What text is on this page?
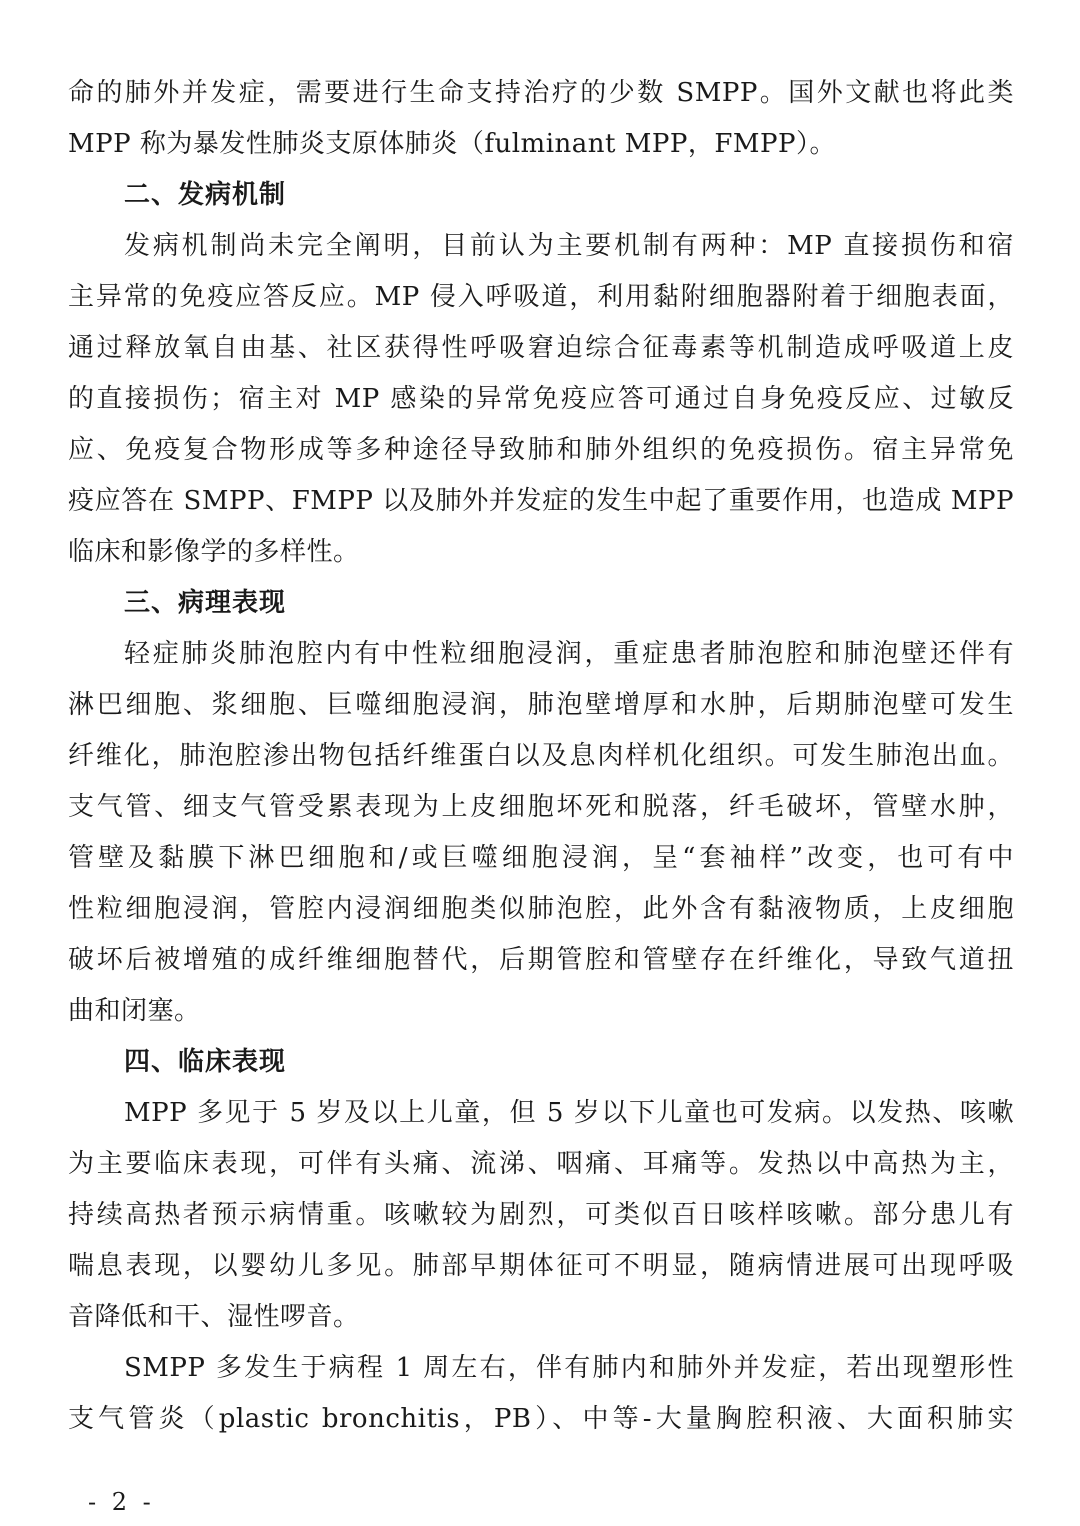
命的肺外并发症，需要进行生命支持治疗的少数 SMPP。国外文献也将此类
MPP 称为暴发性肺炎支原体肺炎（fulminant MPP，FMPP）。
二、发病机制
发病机制尚未完全阐明，目前认为主要机制有两种：MP 直接损伤和宿
主异常的免疫应答反应。MP 侵入呼吸道，利用黏附细胞器附着于细胞表面，
通过释放氧自由基、社区获得性呼吸窘迫综合征毒素等机制造成呼吸道上皮
的直接损伤；宿主对 MP 感染的异常免疫应答可通过自身免疫反应、过敏反
应、免疫复合物形成等多种途径导致肺和肺外组织的免疫损伤。宿主异常免
疫应答在 SMPP、FMPP 以及肺外并发症的发生中起了重要作用，也造成 MPP
临床和影像学的多样性。
三、病理表现
轻症肺炎肺泡腔内有中性粒细胞浸润，重症患者肺泡腔和肺泡壁还伴有
淋巴细胞、浆细胞、巨噬细胞浸润，肺泡壁增厚和水肿，后期肺泡壁可发生
纤维化，肺泡腔渗出物包括纤维蛋白以及息肉样机化组织。可发生肺泡出血。
支气管、细支气管受累表现为上皮细胞坏死和脱落，纤毛破坏，管壁水肿，
管壁及黏膜下淋巴细胞和/或巨噬细胞浸润，呈“套袖样”改变，也可有中
性粒细胞浸润，管腔内浸润细胞类似肺泡腔，此外含有黏液物质，上皮细胞
破坏后被增殖的成纤维细胞替代，后期管腔和管壁存在纤维化，导致气道扭
曲和闭塞。
四、临床表现
MPP 多见于 5 岁及以上儿童，但 5 岁以下儿童也可发病。以发热、咳嗽
为主要临床表现，可伴有头痛、流涕、咽痛、耳痛等。发热以中高热为主，
持续高热者预示病情重。咳嗽较为剧烈，可类似百日咳样咳嗽。部分患儿有
喘息表现，以婴幼儿多见。肺部早期体征可不明显，随病情进展可出现呼吸
音降低和干、湿性啰音。
SMPP 多发生于病程 1 周左右，伴有肺内和肺外并发症，若出现塑形性
支气管炎（plastic bronchitis，PB）、中等-大量胸腔积液、大面积肺实
- 2 -
